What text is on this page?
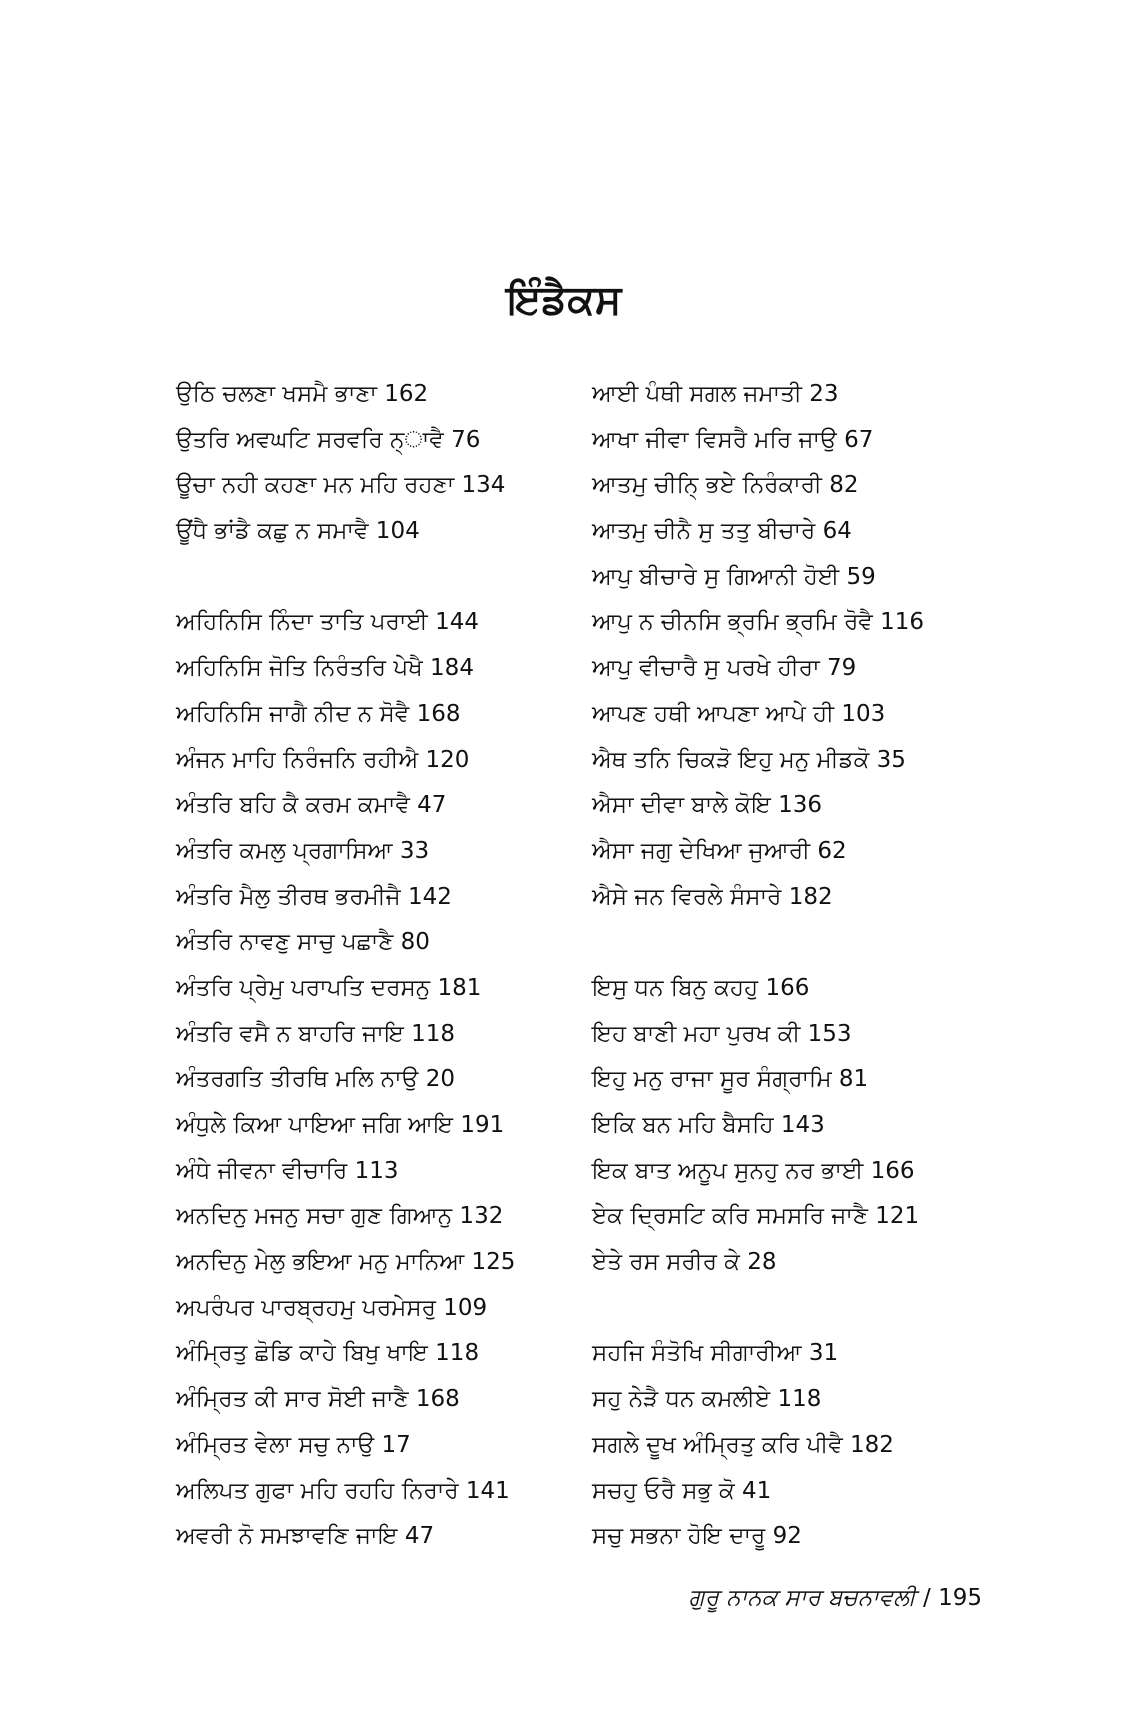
ਇੰਡੈਕਸ
ਉਠਿ ਚਲਣਾ ਖਸਮੈ ਭਾਣਾ 162
ਉਤਰਿ ਅਵਘਟਿ ਸਰਵਰਿ ਨ੍ਾਵੈ 76
ਊਚਾ ਨਹੀ ਕਹਣਾ ਮਨ ਮਹਿ ਰਹਣਾ 134
ਊਂਧੈ ਭਾਂਡੈ ਕਛੁ ਨ ਸਮਾਵੈ 104
ਅਹਿਨਿਸਿ ਨਿੰਦਾ ਤਾਤਿ ਪਰਾਈ 144
ਅਹਿਨਿਸਿ ਜੋਤਿ ਨਿਰੰਤਰਿ ਪੇਖੈ 184
ਅਹਿਨਿਸਿ ਜਾਗੈ ਨੀਦ ਨ ਸੋਵੈ 168
ਅੰਜਨ ਮਾਹਿ ਨਿਰੰਜਨਿ ਰਹੀਐ 120
ਅੰਤਰਿ ਬਹਿ ਕੈ ਕਰਮ ਕਮਾਵੈ 47
ਅੰਤਰਿ ਕਮਲੁ ਪ੍ਰਗਾਸਿਆ 33
ਅੰਤਰਿ ਮੈਲੁ ਤੀਰਥ ਭਰਮੀਜੈ 142
ਅੰਤਰਿ ਨਾਵਣੁ ਸਾਚੁ ਪਛਾਣੈ 80
ਅੰਤਰਿ ਪ੍ਰੇਮੁ ਪਰਾਪਤਿ ਦਰਸਨੁ 181
ਅੰਤਰਿ ਵਸੈ ਨ ਬਾਹਰਿ ਜਾਇ 118
ਅੰਤਰਗਤਿ ਤੀਰਥਿ ਮਲਿ ਨਾਉ 20
ਅੰਧੁਲੇ ਕਿਆ ਪਾਇਆ ਜਗਿ ਆਇ 191
ਅੰਧੇ ਜੀਵਨਾ ਵੀਚਾਰਿ 113
ਅਨਦਿਨੁ ਮਜਨੁ ਸਚਾ ਗੁਣ ਗਿਆਨੁ 132
ਅਨਦਿਨੁ ਮੇਲੁ ਭਇਆ ਮਨੁ ਮਾਨਿਆ 125
ਅਪਰੰਪਰ ਪਾਰਬ੍ਰਹਮੁ ਪਰਮੇਸਰੁ 109
ਅੰਮ੍ਰਿਤੁ ਛੋਡਿ ਕਾਹੇ ਬਿਖੁ ਖਾਇ 118
ਅੰਮ੍ਰਿਤ ਕੀ ਸਾਰ ਸੋਈ ਜਾਣੈ 168
ਅੰਮ੍ਰਿਤ ਵੇਲਾ ਸਚੁ ਨਾਉ 17
ਅਲਿਪਤ ਗੁਫਾ ਮਹਿ ਰਹਹਿ ਨਿਰਾਰੇ 141
ਅਵਰੀ ਨੋ ਸਮਝਾਵਣਿ ਜਾਇ 47
ਆਈ ਪੰਥੀ ਸਗਲ ਜਮਾਤੀ 23
ਆਖਾ ਜੀਵਾ ਵਿਸਰੈ ਮਰਿ ਜਾਉ 67
ਆਤਮੁ ਚੀਨਿ੍ ਭਏ ਨਿਰੰਕਾਰੀ 82
ਆਤਮੁ ਚੀਨੈ ਸੁ ਤਤੁ ਬੀਚਾਰੇ 64
ਆਪੁ ਬੀਚਾਰੇ ਸੁ ਗਿਆਨੀ ਹੋਈ 59
ਆਪੁ ਨ ਚੀਨਸਿ ਭ੍ਰਮਿ ਭ੍ਰਮਿ ਰੋਵੈ 116
ਆਪੁ ਵੀਚਾਰੈ ਸੁ ਪਰਖੇ ਹੀਰਾ 79
ਆਪਣ ਹਥੀ ਆਪਣਾ ਆਪੇ ਹੀ 103
ਐਥ ਤਨਿ ਚਿਕੜੋ ਇਹੁ ਮਨੁ ਮੀਡਕੋ 35
ਐਸਾ ਦੀਵਾ ਬਾਲੇ ਕੋਇ 136
ਐਸਾ ਜਗੁ ਦੇਖਿਆ ਜੁਆਰੀ 62
ਐਸੇ ਜਨ ਵਿਰਲੇ ਸੰਸਾਰੇ 182
ਇਸੁ ਧਨ ਬਿਨੁ ਕਹਹੁ 166
ਇਹ ਬਾਣੀ ਮਹਾ ਪੁਰਖ ਕੀ 153
ਇਹੁ ਮਨੁ ਰਾਜਾ ਸੂਰ ਸੰਗ੍ਰਾਮਿ 81
ਇਕਿ ਬਨ ਮਹਿ ਬੈਸਹਿ 143
ਇਕ ਬਾਤ ਅਨੂਪ ਸੁਨਹੁ ਨਰ ਭਾਈ 166
ਏਕ ਦ੍ਰਿਸਟਿ ਕਰਿ ਸਮਸਰਿ ਜਾਣੈ 121
ਏਤੇ ਰਸ ਸਰੀਰ ਕੇ 28
ਸਹਜਿ ਸੰਤੋਖਿ ਸੀਗਾਰੀਆ 31
ਸਹੁ ਨੇੜੈ ਧਨ ਕਮਲੀਏ 118
ਸਗਲੇ ਦੂਖ ਅੰਮ੍ਰਿਤੁ ਕਰਿ ਪੀਵੈ 182
ਸਚਹੁ ਓਰੈ ਸਭੁ ਕੋ 41
ਸਚੁ ਸਭਨਾ ਹੋਇ ਦਾਰੂ 92
ਗੁਰੂ ਨਾਨਕ ਸਾਰ ਬਚਨਾਵਲੀ / 195
